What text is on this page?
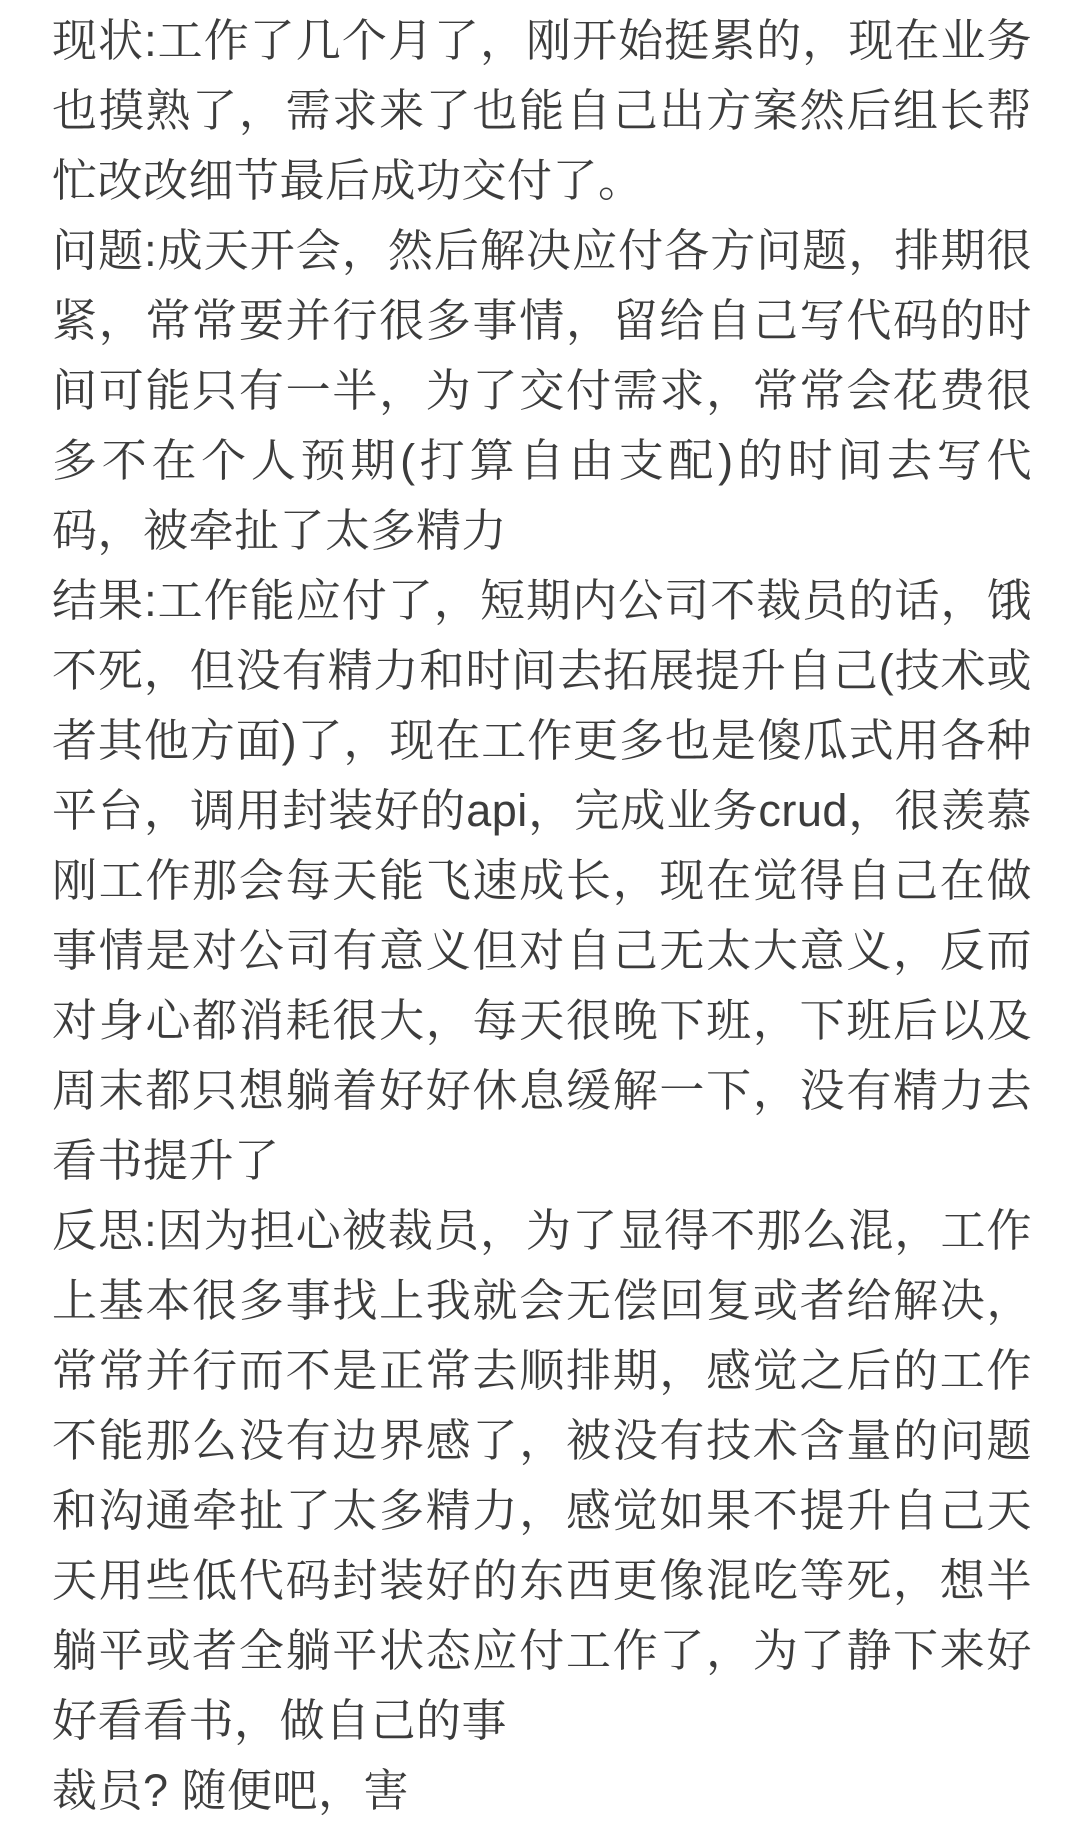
现状:工作了几个月了，刚开始挺累的，现在业务也摸熟了，需求来了也能自己出方案然后组长帮忙改改细节最后成功交付了。

问题:成天开会，然后解决应付各方问题，排期很紧，常常要并行很多事情，留给自己写代码的时间可能只有一半，为了交付需求，常常会花费很多不在个人预期(打算自由支配)的时间去写代码，被牵扯了太多精力

结果:工作能应付了，短期内公司不裁员的话，饿不死，但没有精力和时间去拓展提升自己(技术或者其他方面)了，现在工作更多也是傻瓜式用各种平台，调用封装好的api，完成业务crud，很羡慕刚工作那会每天能飞速成长，现在觉得自己在做事情是对公司有意义但对自己无太大意义，反而对身心都消耗很大，每天很晚下班，下班后以及周末都只想躺着好好休息缓解一下，没有精力去看书提升了

反思:因为担心被裁员，为了显得不那么混，工作上基本很多事找上我就会无偿回复或者给解决，常常并行而不是正常去顺排期，感觉之后的工作不能那么没有边界感了，被没有技术含量的问题和沟通牵扯了太多精力，感觉如果不提升自己天天用些低代码封装好的东西更像混吃等死，想半躺平或者全躺平状态应付工作了，为了静下来好好看看书，做自己的事

裁员? 随便吧，害
